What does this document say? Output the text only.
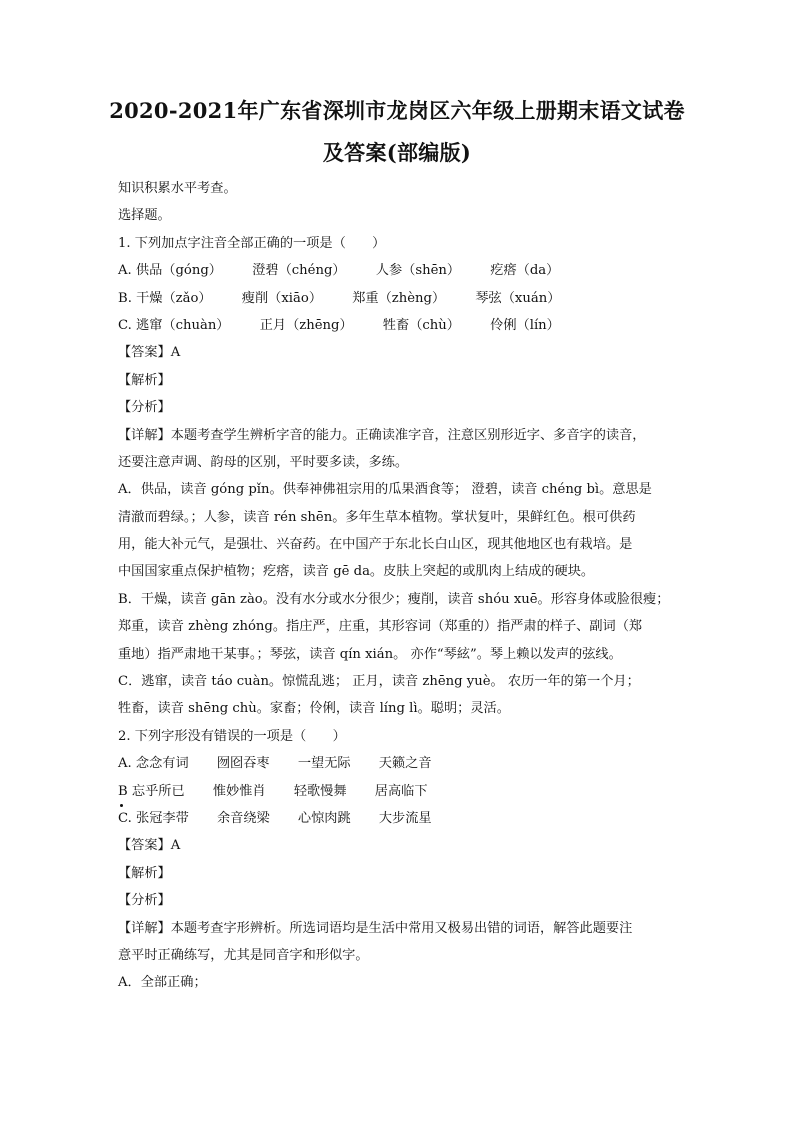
2020-2021年广东省深圳市龙岗区六年级上册期末语文试卷
及答案(部编版)
知识积累水平考查。
选择题。
1. 下列加点字注音全部正确的一项是（　　）
A. 供品（góng） 澄碧（chéng） 人参（shēn） 疙瘩（da）
B. 干燥（zǎo） 瘦削（xiāo） 郑重（zhèng） 琴弦（xuán）
C. 逃窜（chuàn） 正月（zhēng） 牲畜（chù） 伶俐（lín）
【答案】A
【解析】
【分析】
【详解】本题考查学生辨析字音的能力。正确读准字音，注意区别形近字、多音字的读音，
还要注意声调、韵母的区别，平时要多读，多练。
A．供品，读音 góng pǐn。供奉神佛祖宗用的瓜果酒食等； 澄碧，读音 chéng bì。意思是
清澈而碧绿。；人参，读音 rén shēn。多年生草本植物。掌状复叶，果鲜红色。根可供药
用，能大补元气，是强壮、兴奋药。在中国产于东北长白山区，现其他地区也有栽培。是
中国国家重点保护植物；疙瘩，读音 gē da。皮肤上突起的或肌肉上结成的硬块。
B．干燥，读音 gān zào。没有水分或水分很少；瘦削，读音 shóu xuē。形容身体或脸很瘦；
郑重，读音 zhèng zhóng。指庄严，庄重，其形容词（郑重的）指严肃的样子、副词（郑
重地）指严肃地干某事。；琴弦，读音 qín xián。 亦作“琴絃”。琴上赖以发声的弦线。
C．逃窜，读音 táo cuàn。惊慌乱逃； 正月，读音 zhēng yuè。 农历一年的第一个月；
牲畜，读音 shēng chù。家畜；伶俐，读音 líng lì。聪明；灵活。
2. 下列字形没有错误的一项是（　　）
A. 念念有词 囫囵吞枣 一望无际 天籁之音
B 忘乎所已 惟妙惟肖 轻歌慢舞 居高临下
C. 张冠李带 余音绕梁 心惊肉跳 大步流星
【答案】A
【解析】
【分析】
【详解】本题考查字形辨析。所选词语均是生活中常用又极易出错的词语，解答此题要注
意平时正确练写，尤其是同音字和形似字。
A．全部正确；
